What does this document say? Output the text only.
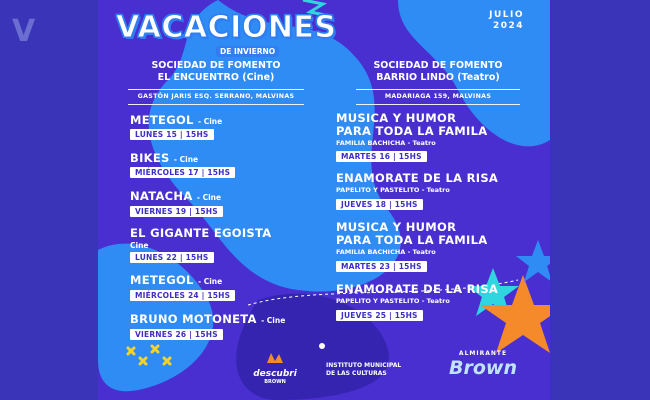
V	VACACIONES
DE INVIERNO
JULIO
2024
SOCIEDAD DE FOMENTO
EL ENCUENTRO (Cine)
GASTÓN JARIS ESQ. SERRANO, MALVINAS
SOCIEDAD DE FOMENTO
BARRIO LINDO (Teatro)
MADARIAGA 159, MALVINAS
METEGOL - Cine
LUNES 15 | 15HS
BIKES - Cine
MIÉRCOLES 17 | 15HS
NATACHA - Cine
VIERNES 19 | 15HS
EL GIGANTE EGOISTA
Cine
LUNES 22 | 15HS
METEGOL - Cine
MIÉRCOLES 24 | 15HS
BRUNO MOTONETA - Cine
VIERNES 26 | 15HS
MUSICA Y HUMOR
PARA TODA LA FAMILA
FAMILIA BACHICHA - Teatro
MARTES 16 | 15HS
ENAMORATE DE LA RISA
PAPELITO Y PASTELITO - Teatro
JUEVES 18 | 15HS
MUSICA Y HUMOR
PARA TODA LA FAMILA
FAMILIA BACHICHA - Teatro
MARTES 23 | 15HS
ENAMORATE DE LA RISA
PAPELITO Y PASTELITO - Teatro
JUEVES 25 | 15HS
descubri
BROWN
INSTITUTO MUNICIPAL DE LAS CULTURAS
ALMIRANTE
Brown
